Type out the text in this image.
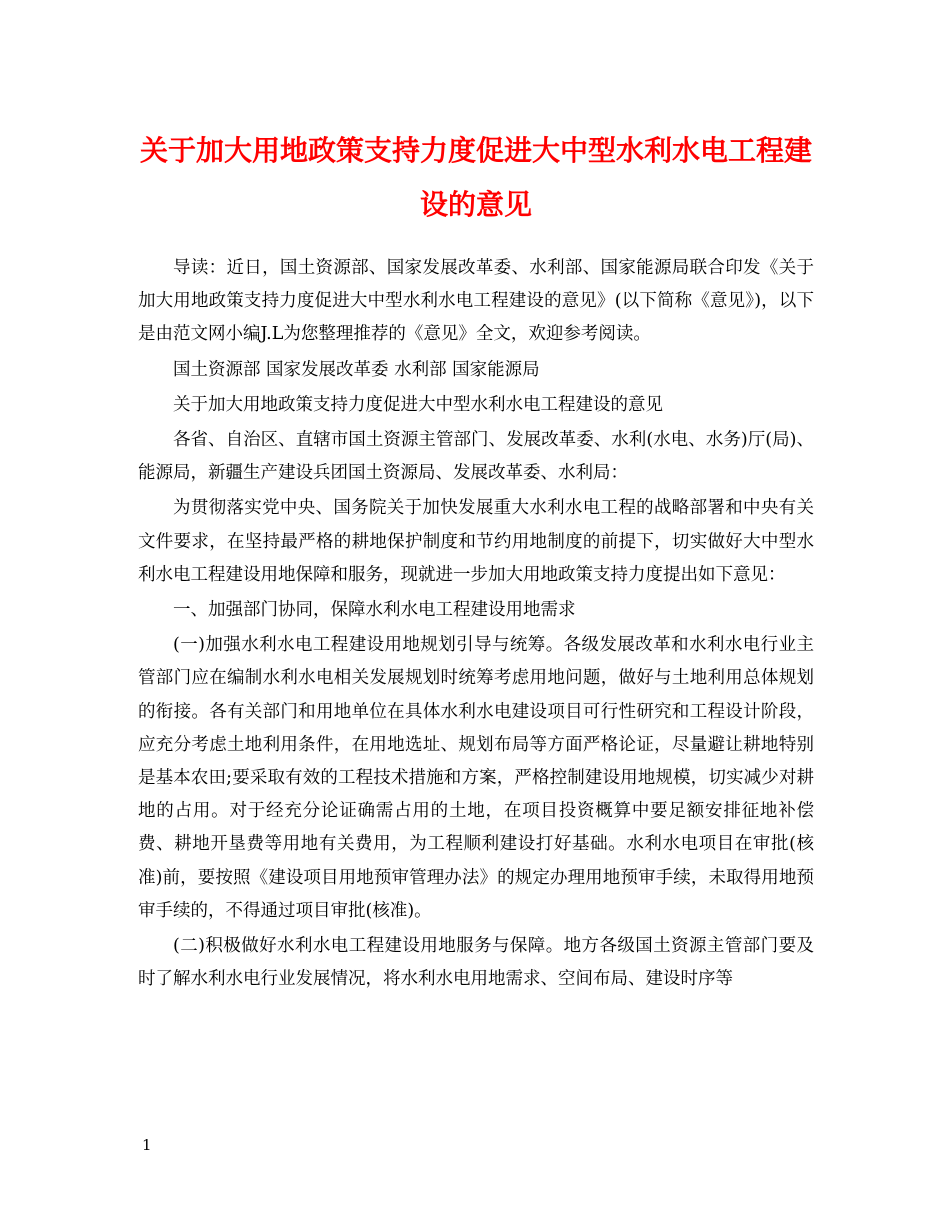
关于加大用地政策支持力度促进大中型水利水电工程建设的意见

导读：近日，国土资源部、国家发展改革委、水利部、国家能源局联合印发《关于加大用地政策支持力度促进大中型水利水电工程建设的意见》(以下简称《意见》)，以下是由范文网小编J.L为您整理推荐的《意见》全文，欢迎参考阅读。

国土资源部 国家发展改革委 水利部 国家能源局

关于加大用地政策支持力度促进大中型水利水电工程建设的意见

各省、自治区、直辖市国土资源主管部门、发展改革委、水利(水电、水务)厅(局)、能源局，新疆生产建设兵团国土资源局、发展改革委、水利局：

为贯彻落实党中央、国务院关于加快发展重大水利水电工程的战略部署和中央有关文件要求，在坚持最严格的耕地保护制度和节约用地制度的前提下，切实做好大中型水利水电工程建设用地保障和服务，现就进一步加大用地政策支持力度提出如下意见：

一、加强部门协同，保障水利水电工程建设用地需求

(一)加强水利水电工程建设用地规划引导与统筹。各级发展改革和水利水电行业主管部门应在编制水利水电相关发展规划时统筹考虑用地问题，做好与土地利用总体规划的衔接。各有关部门和用地单位在具体水利水电建设项目可行性研究和工程设计阶段，应充分考虑土地利用条件，在用地选址、规划布局等方面严格论证，尽量避让耕地特别是基本农田;要采取有效的工程技术措施和方案，严格控制建设用地规模，切实减少对耕地的占用。对于经充分论证确需占用的土地，在项目投资概算中要足额安排征地补偿费、耕地开垦费等用地有关费用，为工程顺利建设打好基础。水利水电项目在审批(核准)前，要按照《建设项目用地预审管理办法》的规定办理用地预审手续，未取得用地预审手续的，不得通过项目审批(核准)。

(二)积极做好水利水电工程建设用地服务与保障。地方各级国土资源主管部门要及时了解水利水电行业发展情况，将水利水电用地需求、空间布局、建设时序等

1
